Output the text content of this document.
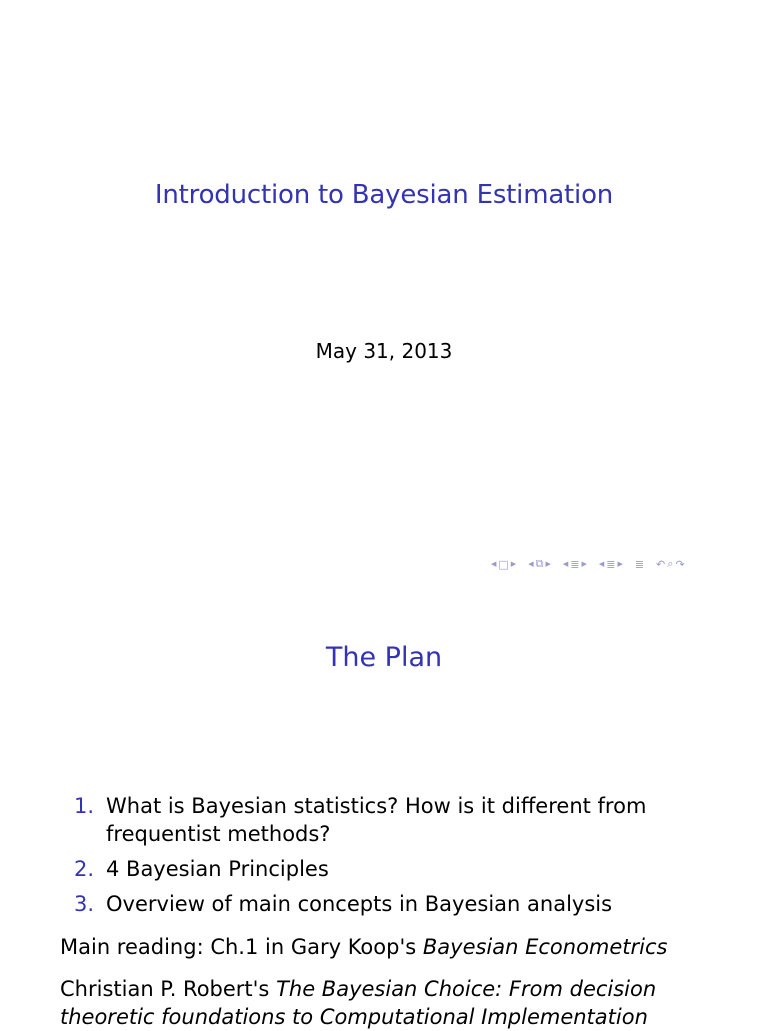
Introduction to Bayesian Estimation
May 31, 2013
◀ □ ▶ ◀ ⧉ ▶ ◀ ≣ ▶ ◀ ≣ ▶ ≣ ↶ ⌕ ↷
The Plan
1. What is Bayesian statistics? How is it different from frequentist methods?
2. 4 Bayesian Principles
3. Overview of main concepts in Bayesian analysis
Main reading: Ch.1 in Gary Koop's Bayesian Econometrics
Christian P. Robert's The Bayesian Choice: From decision theoretic foundations to Computational Implementation
